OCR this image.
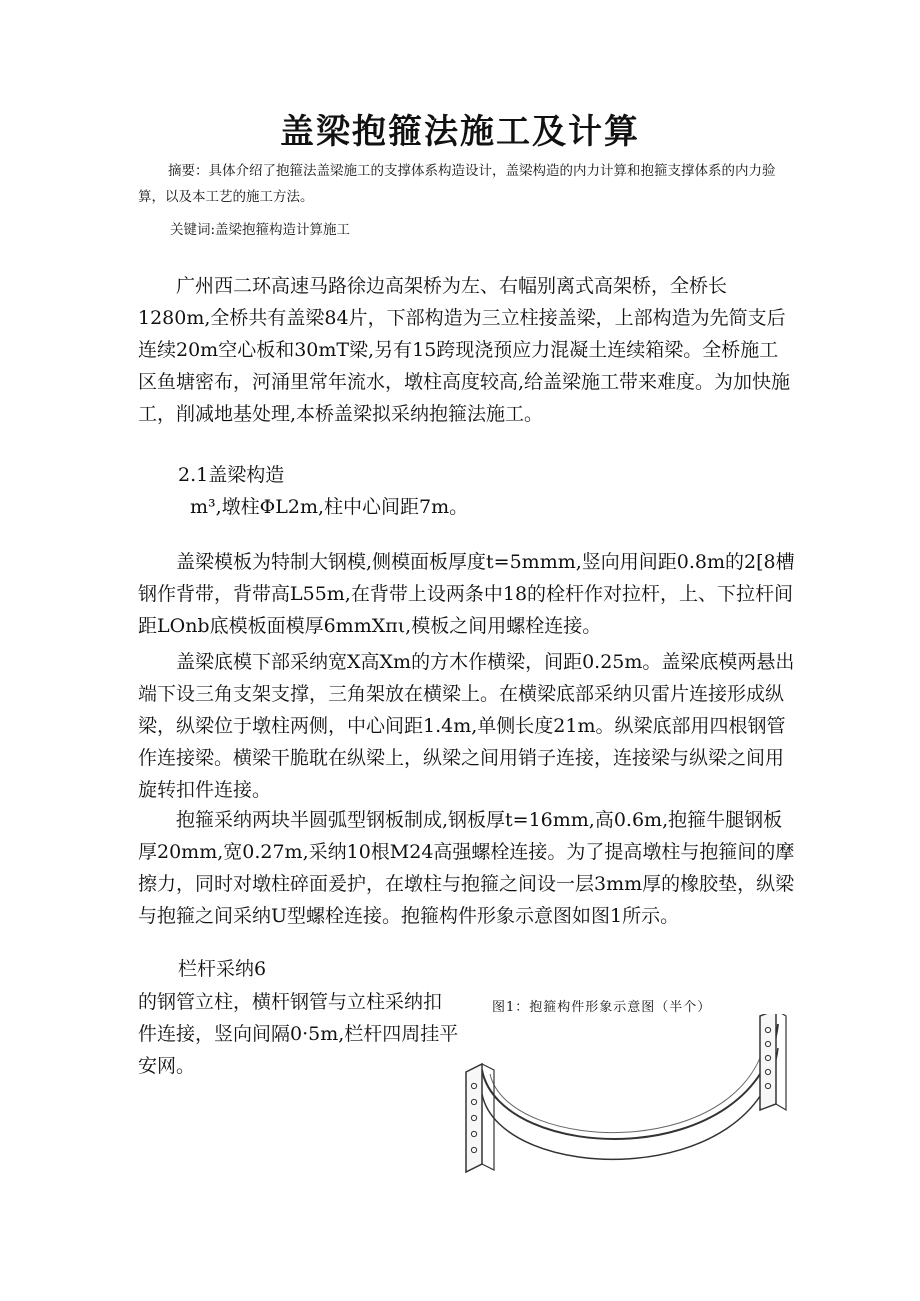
盖梁抱箍法施工及计算
摘要：具体介绍了抱箍法盖梁施工的支撑体系构造设计，盖梁构造的内力计算和抱箍支撑体系的内力验算，以及本工艺的施工方法。
关键词:盖梁抱箍构造计算施工

广州西二环高速马路徐边高架桥为左、右幅别离式高架桥，全桥长1280m,全桥共有盖梁84片，下部构造为三立柱接盖梁，上部构造为先简支后连续20m空心板和30mT梁,另有15跨现浇预应力混凝土连续箱梁。全桥施工区鱼塘密布，河涌里常年流水，墩柱高度较高,给盖梁施工带来难度。为加快施工，削减地基处理,本桥盖梁拟采纳抱箍法施工。

2.1盖梁构造
m³,墩柱ΦL2m,柱中心间距7m。

盖梁模板为特制大钢模,侧模面板厚度t=5mmm,竖向用间距0.8m的2[8槽钢作背带，背带高L55m,在背带上设两条中18的栓杆作对拉杆，上、下拉杆间距LOnb底模板面模厚6mmXπι,模板之间用螺栓连接。

盖梁底模下部采纳宽X高Xm的方木作横梁，间距0.25m。盖梁底模两悬出端下设三角支架支撑，三角架放在横梁上。在横梁底部采纳贝雷片连接形成纵梁，纵梁位于墩柱两侧，中心间距1.4m,单侧长度21m。纵梁底部用四根钢管作连接梁。横梁干脆耽在纵梁上，纵梁之间用销子连接，连接梁与纵梁之间用旋转扣件连接。

抱箍采纳两块半圆弧型钢板制成,钢板厚t=16mm,高0.6m,抱箍牛腿钢板厚20mm,宽0.27m,采纳10根M24高强螺栓连接。为了提高墩柱与抱箍间的摩擦力，同时对墩柱碎面爰护，在墩柱与抱箍之间设一层3mm厚的橡胶垫，纵梁与抱箍之间采纳U型螺栓连接。抱箍构件形象示意图如图1所示。

栏杆采纳6

的钢管立柱，横杆钢管与立柱采纳扣件连接，竖向间隔0·5m,栏杆四周挂平安网。

图1：抱箍构件形象示意图（半个）
